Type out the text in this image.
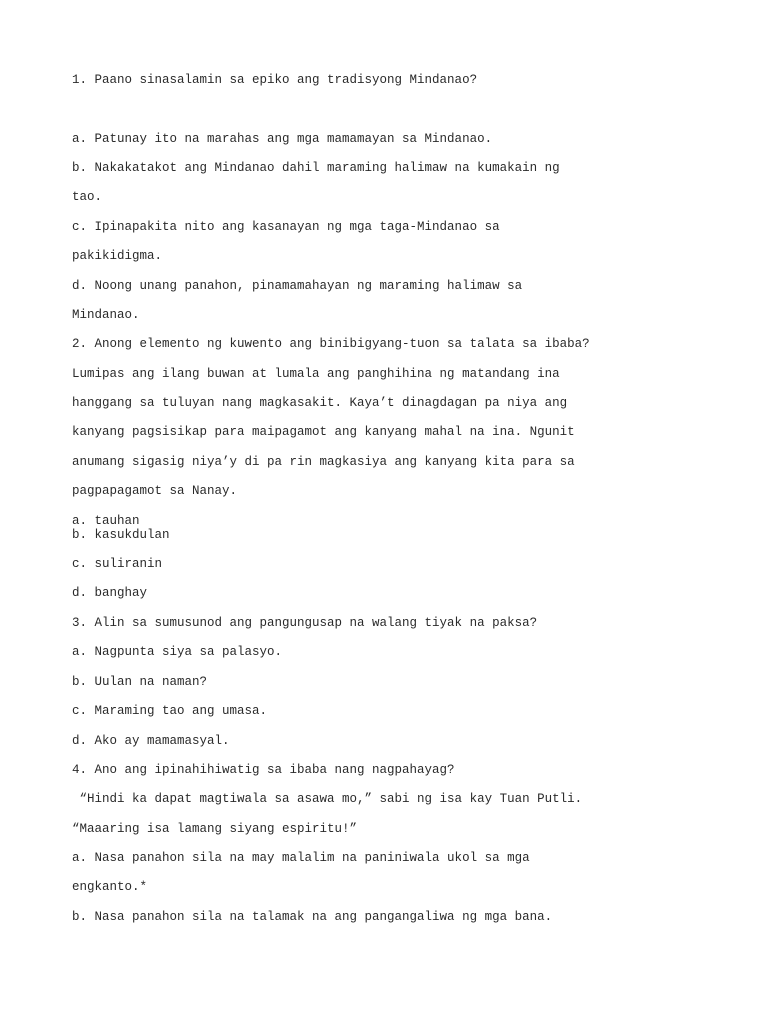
1. Paano sinasalamin sa epiko ang tradisyong Mindanao?
a. Patunay ito na marahas ang mga mamamayan sa Mindanao.
b. Nakakatakot ang Mindanao dahil maraming halimaw na kumakain ng
tao.
c. Ipinapakita nito ang kasanayan ng mga taga-Mindanao sa
pakikidigma.
d. Noong unang panahon, pinamamahayan ng maraming halimaw sa
Mindanao.
2. Anong elemento ng kuwento ang binibigyang-tuon sa talata sa ibaba?
Lumipas ang ilang buwan at lumala ang panghihina ng matandang ina
hanggang sa tuluyan nang magkasakit. Kaya’t dinagdagan pa niya ang
kanyang pagsisikap para maipagamot ang kanyang mahal na ina. Ngunit
anumang sigasig niya’y di pa rin magkasiya ang kanyang kita para sa
pagpapagamot sa Nanay.
a. tauhan
b. kasukdulan
c. suliranin
d. banghay
3. Alin sa sumusunod ang pangungusap na walang tiyak na paksa?
a. Nagpunta siya sa palasyo.
b. Uulan na naman?
c. Maraming tao ang umasa.
d. Ako ay mamamasyal.
4. Ano ang ipinahihiwatig sa ibaba nang nagpahayag?
“Hindi ka dapat magtiwala sa asawa mo,” sabi ng isa kay Tuan Putli.
“Maaaring isa lamang siyang espiritu!”
a. Nasa panahon sila na may malalim na paniniwala ukol sa mga
engkanto.*
b. Nasa panahon sila na talamak na ang pangangaliwa ng mga bana.
